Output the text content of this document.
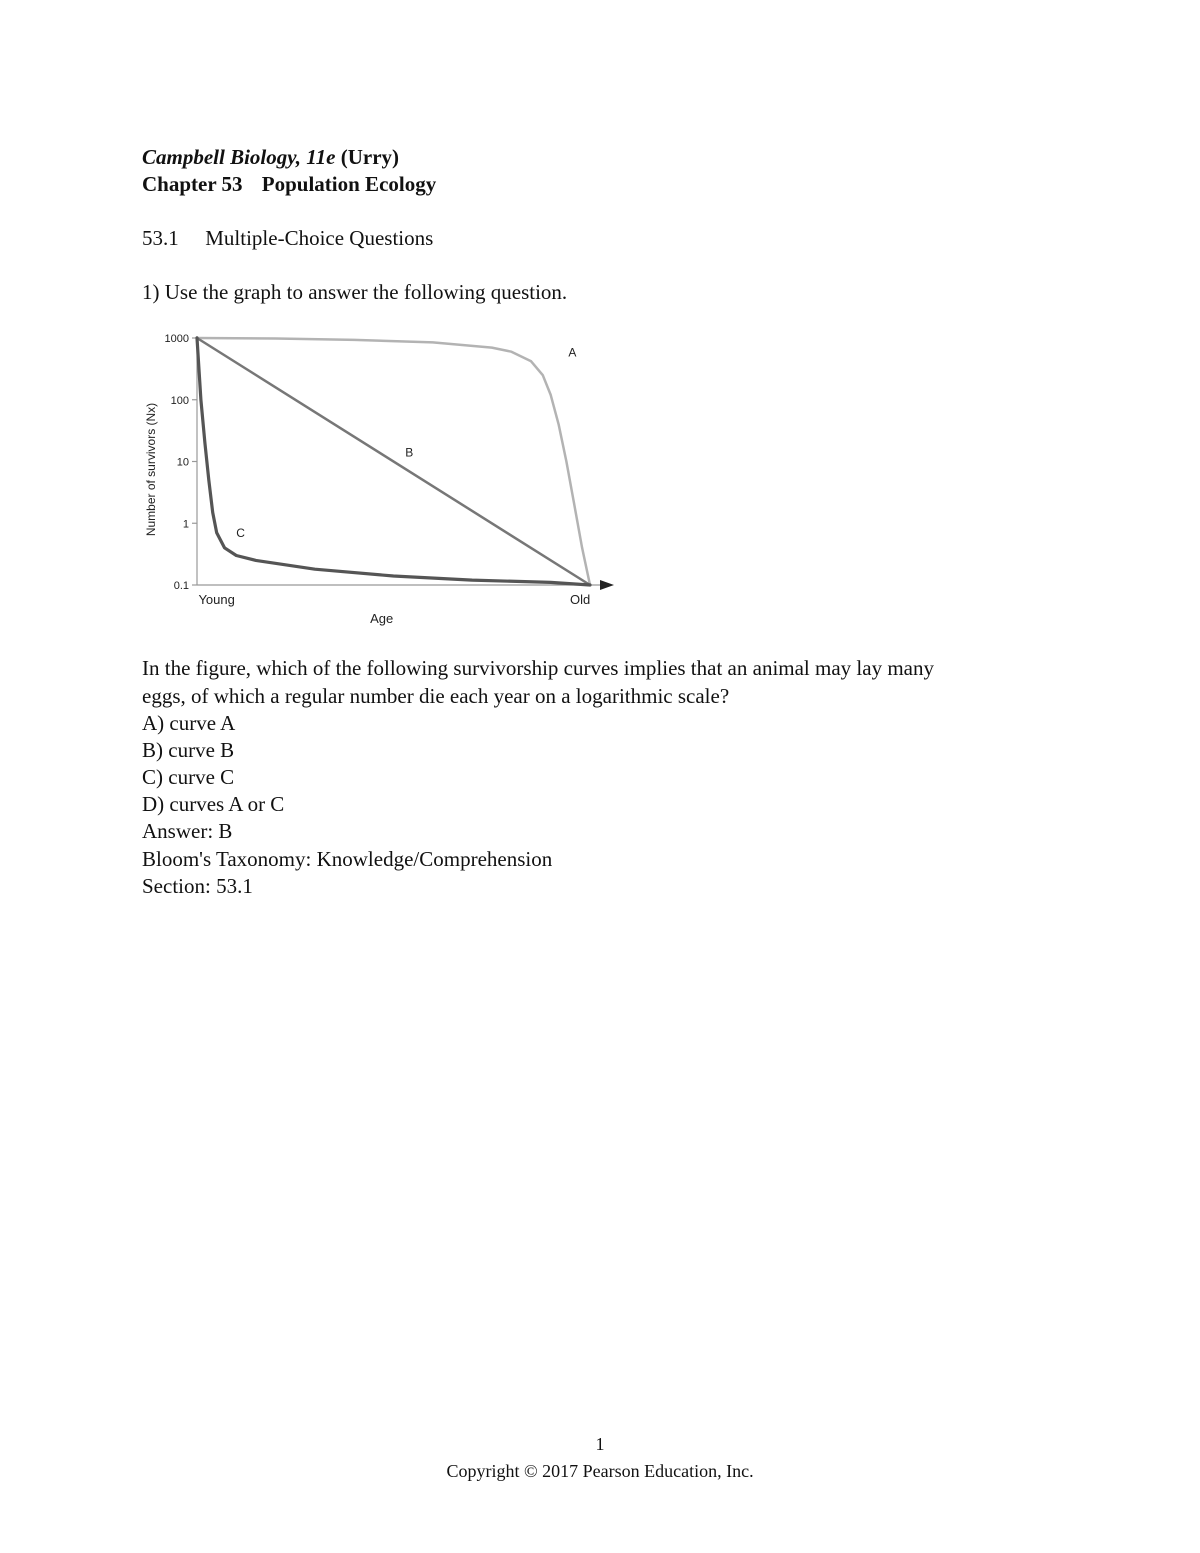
Campbell Biology, 11e (Urry)
Chapter 53 Population Ecology
53.1 Multiple-Choice Questions
1) Use the graph to answer the following question.
1000
100
10
1
0.1
Number of survivors (Nx)
Age
Young	Old
A
B
C
In the figure, which of the following survivorship curves implies that an animal may lay many
eggs, of which a regular number die each year on a logarithmic scale?
A) curve A
B) curve B
C) curve C
D) curves A or C
Answer: B
Bloom's Taxonomy: Knowledge/Comprehension
Section: 53.1
1
Copyright © 2017 Pearson Education, Inc.
